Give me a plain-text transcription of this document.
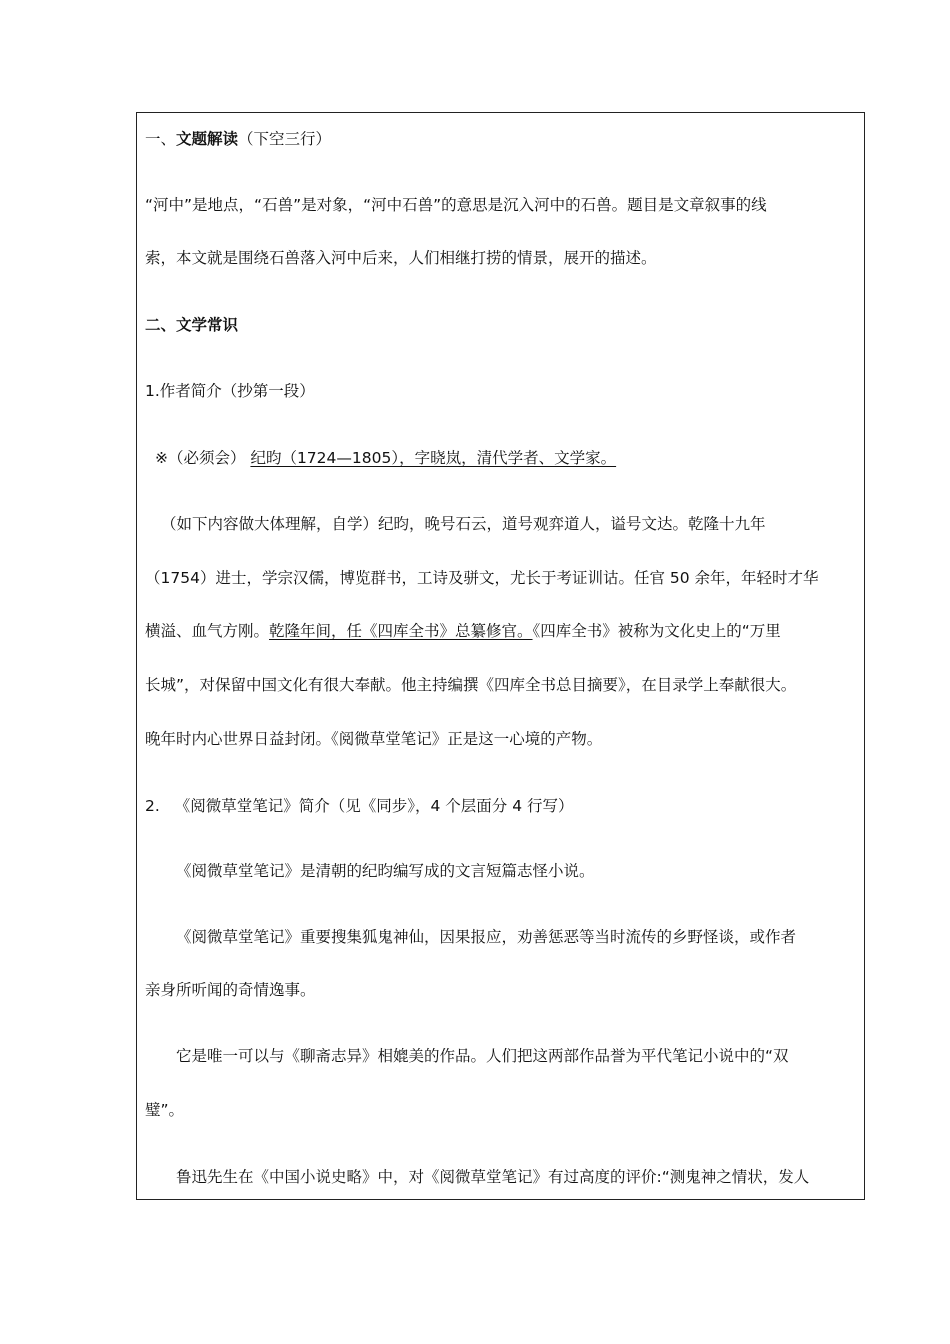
一、文题解读（下空三行）
“河中”是地点，“石兽”是对象，“河中石兽”的意思是沉入河中的石兽。题目是文章叙事的线
索，本文就是围绕石兽落入河中后来，人们相继打捞的情景，展开的描述。
二、文学常识
1.作者简介（抄第一段）
※（必须会） 纪昀（1724—1805），字晓岚，清代学者、文学家。
（如下内容做大体理解，自学）纪昀，晚号石云，道号观弈道人，谥号文达。乾隆十九年
（1754）进士，学宗汉儒，博览群书，工诗及骈文，尤长于考证训诂。任官 50 余年，年轻时才华
横溢、血气方刚。乾隆年间，任《四库全书》总纂修官。《四库全书》被称为文化史上的“万里
长城”，对保留中国文化有很大奉献。他主持编撰《四库全书总目摘要》，在目录学上奉献很大。
晚年时内心世界日益封闭。《阅微草堂笔记》正是这一心境的产物。
2. 《阅微草堂笔记》简介（见《同步》，4 个层面分 4 行写）
《阅微草堂笔记》是清朝的纪昀编写成的文言短篇志怪小说。
《阅微草堂笔记》重要搜集狐鬼神仙，因果报应，劝善惩恶等当时流传的乡野怪谈，或作者
亲身所听闻的奇情逸事。
它是唯一可以与《聊斋志异》相媲美的作品。人们把这两部作品誉为平代笔记小说中的“双
璧”。
鲁迅先生在《中国小说史略》中，对《阅微草堂笔记》有过高度的评价:“测鬼神之情状，发人
